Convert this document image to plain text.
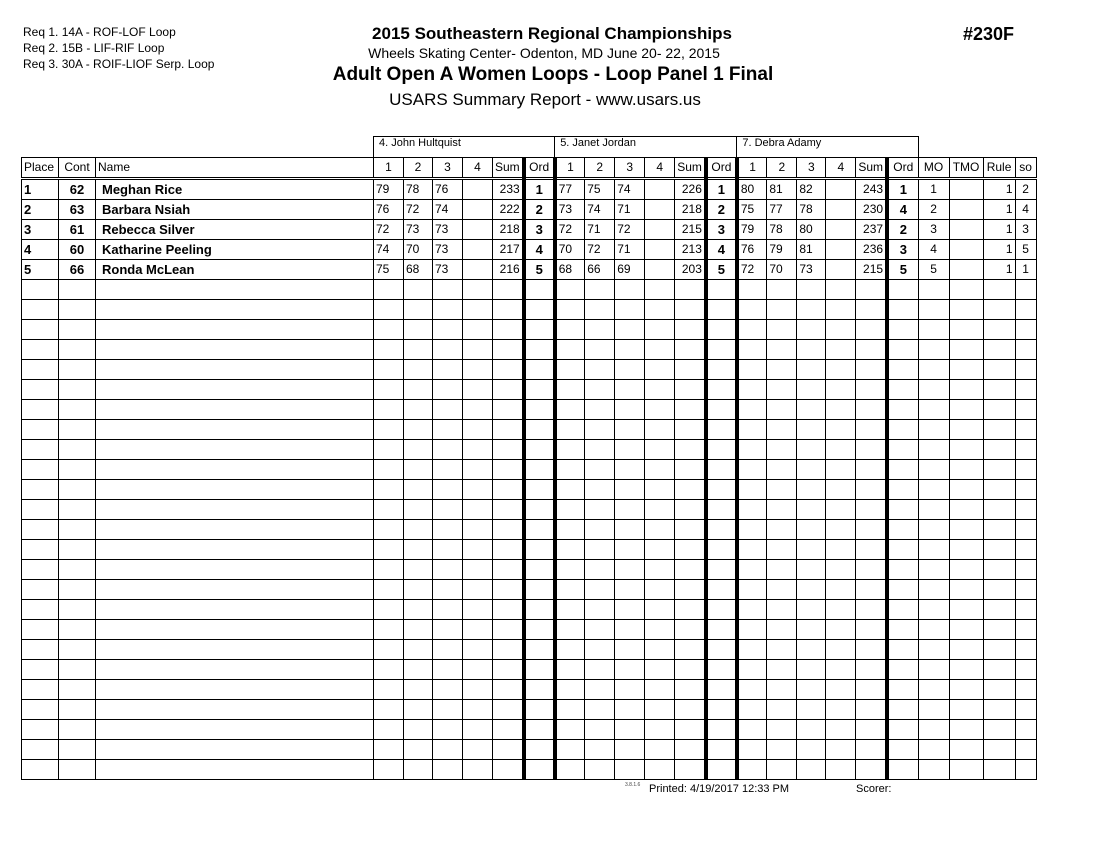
Req 1. 14A - ROF-LOF Loop
Req 2. 15B - LIF-RIF Loop
Req 3. 30A - ROIF-LIOF Serp. Loop
2015 Southeastern Regional Championships
Wheels Skating Center- Odenton, MD June 20- 22, 2015
Adult Open A Women Loops - Loop Panel 1 Final
USARS Summary Report - www.usars.us
#230F
			4. John Hultquist						5. Janet Jordan						7. Debra Adamy									
Place	Cont	Name	1	2	3	4	Sum	Ord	1	2	3	4	Sum	Ord	1	2	3	4	Sum	Ord	MO	TMO	Rule	so
1	62	Meghan Rice	79	78	76		233	1	77	75	74		226	1	80	81	82		243	1	1		1	2
2	63	Barbara Nsiah	76	72	74		222	2	73	74	71		218	2	75	77	78		230	4	2		1	4
3	61	Rebecca Silver	72	73	73		218	3	72	71	72		215	3	79	78	80		237	2	3		1	3
4	60	Katharine Peeling	74	70	73		217	4	70	72	71		213	4	76	79	81		236	3	4		1	5
5	66	Ronda McLean	75	68	73		216	5	68	66	69		203	5	72	70	73		215	5	5		1	1

3.8.1.6 Printed: 4/19/2017 12:33 PM	Scorer:
